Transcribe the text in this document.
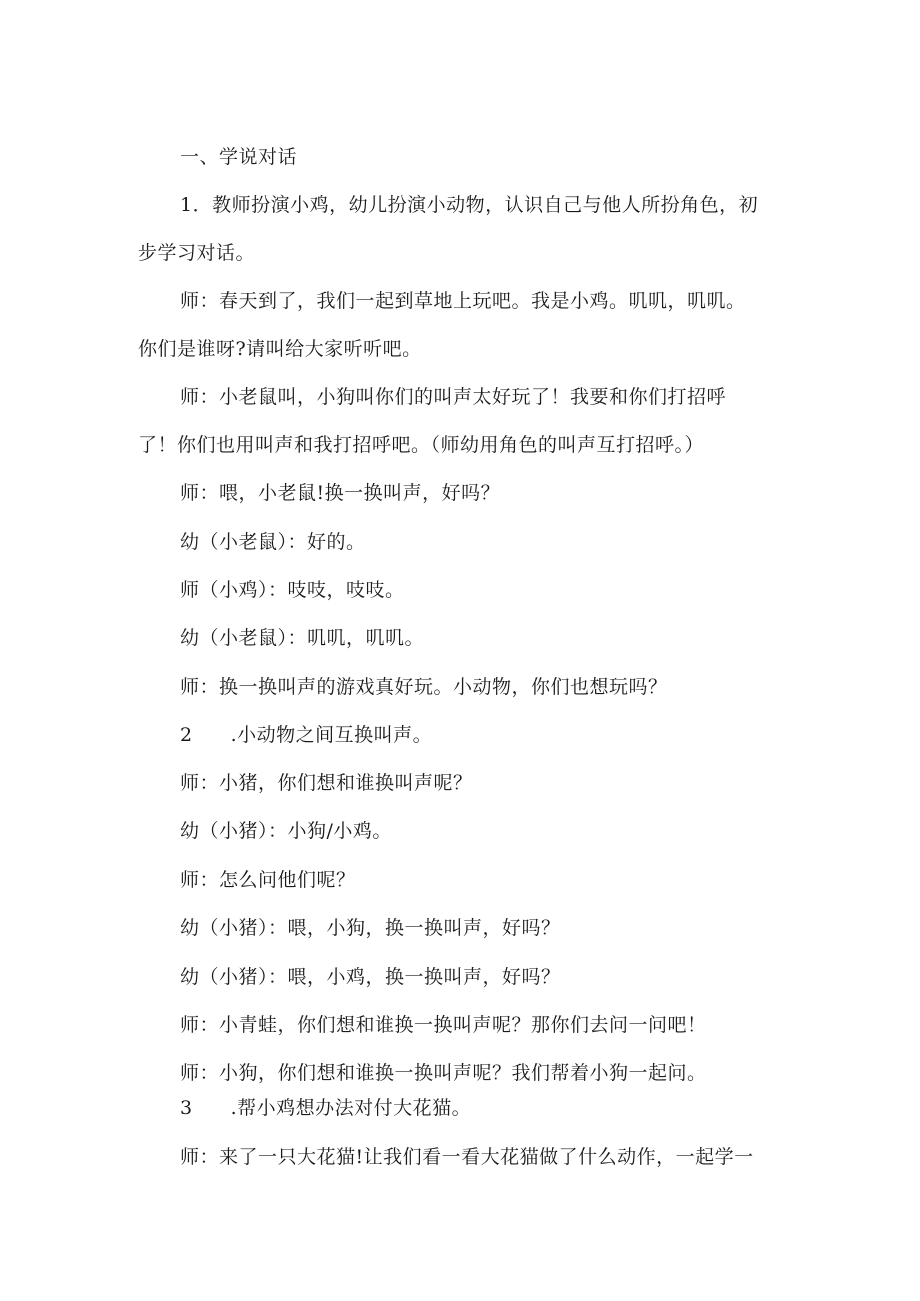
一、学说对话
1．教师扮演小鸡，幼儿扮演小动物，认识自己与他人所扮角色，初
步学习对话。
师：春天到了，我们一起到草地上玩吧。我是小鸡。叽叽，叽叽。
你们是谁呀?请叫给大家听听吧。
师：小老鼠叫，小狗叫你们的叫声太好玩了！我要和你们打招呼
了！你们也用叫声和我打招呼吧。（师幼用角色的叫声互打招呼。）
师：喂，小老鼠!换一换叫声，好吗？
幼（小老鼠）：好的。
师（小鸡）：吱吱，吱吱。
幼（小老鼠）：叽叽，叽叽。
师：换一换叫声的游戏真好玩。小动物，你们也想玩吗？
2 .小动物之间互换叫声。
师：小猪，你们想和谁换叫声呢？
幼（小猪）：小狗/小鸡。
师：怎么问他们呢？
幼（小猪）：喂，小狗，换一换叫声，好吗？
幼（小猪）：喂，小鸡，换一换叫声，好吗？
师：小青蛙，你们想和谁换一换叫声呢？那你们去问一问吧！
师：小狗，你们想和谁换一换叫声呢？我们帮着小狗一起问。
3 .帮小鸡想办法对付大花猫。
师：来了一只大花猫!让我们看一看大花猫做了什么动作，一起学一
